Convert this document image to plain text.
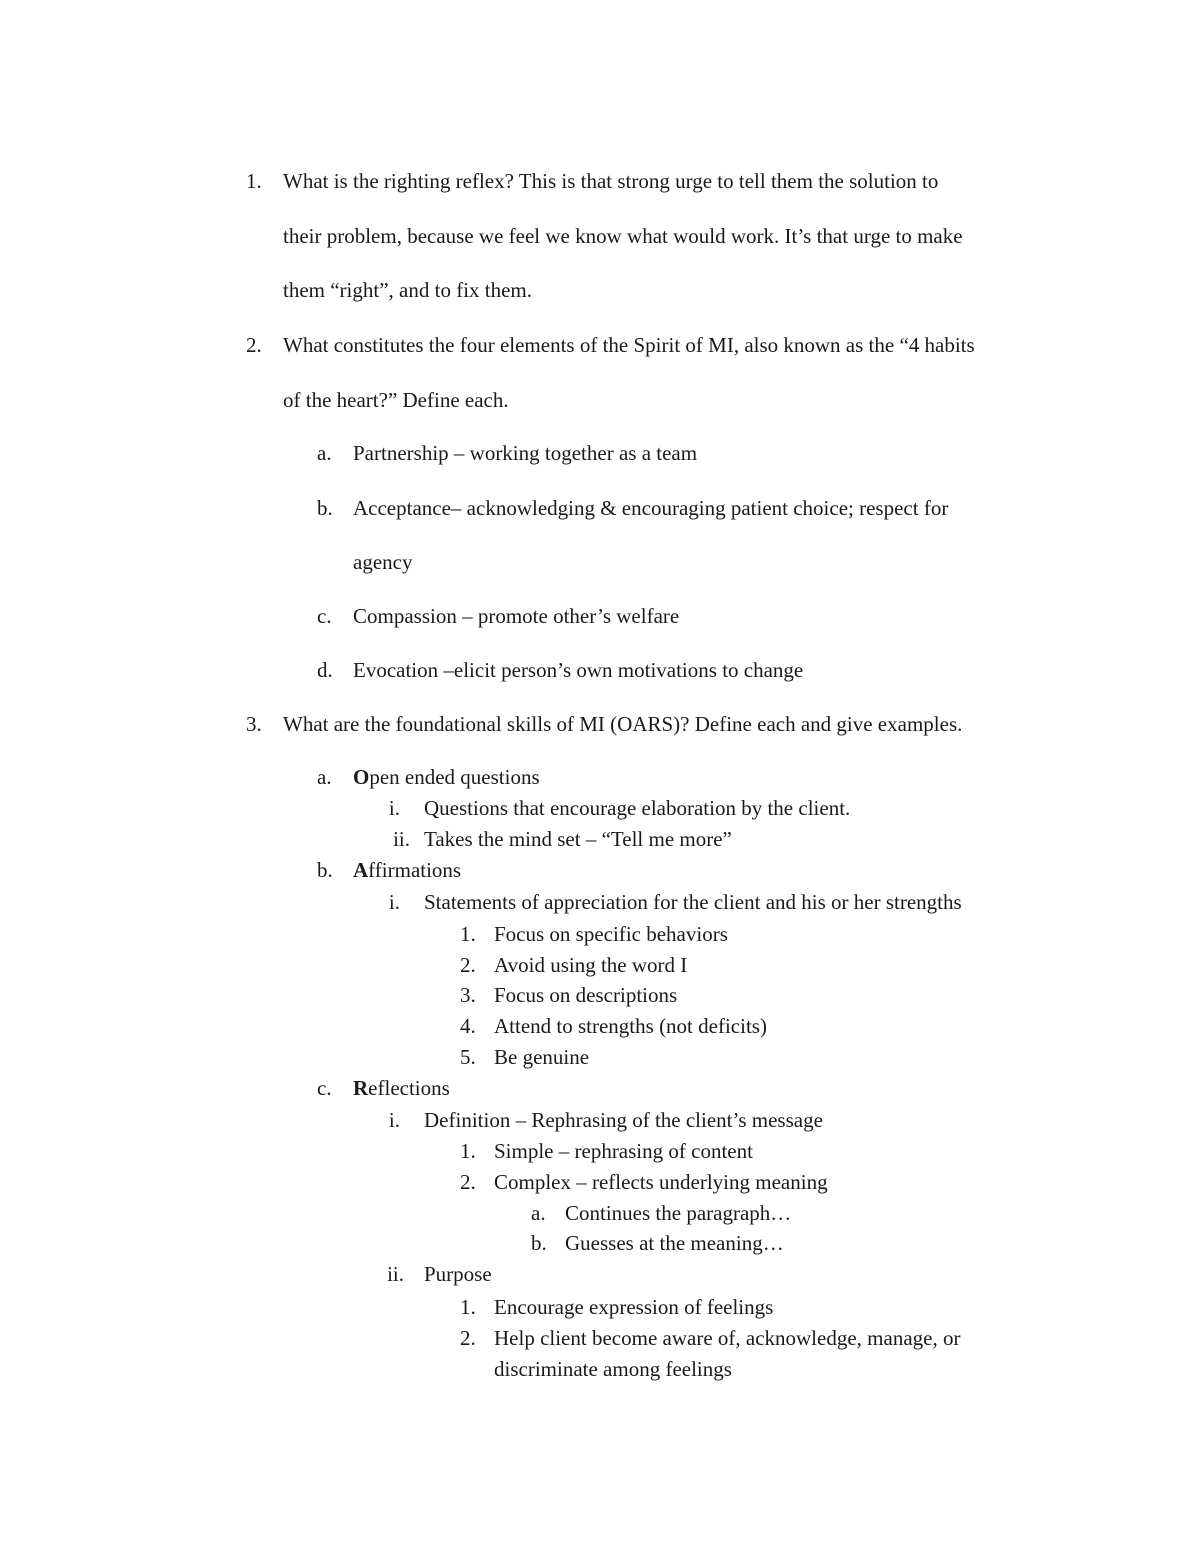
1. What is the righting reflex? This is that strong urge to tell them the solution to
their problem, because we feel we know what would work. It’s that urge to make
them “right”, and to fix them.
2. What constitutes the four elements of the Spirit of MI, also known as the “4 habits
of the heart?” Define each.
a. Partnership – working together as a team
b. Acceptance– acknowledging & encouraging patient choice; respect for
agency
c. Compassion – promote other’s welfare
d. Evocation –elicit person’s own motivations to change
3. What are the foundational skills of MI (OARS)? Define each and give examples.
a. Open ended questions
i. Questions that encourage elaboration by the client.
ii. Takes the mind set – “Tell me more”
b. Affirmations
i. Statements of appreciation for the client and his or her strengths
1. Focus on specific behaviors
2. Avoid using the word I
3. Focus on descriptions
4. Attend to strengths (not deficits)
5. Be genuine
c. Reflections
i. Definition – Rephrasing of the client’s message
1. Simple – rephrasing of content
2. Complex – reflects underlying meaning
a. Continues the paragraph…
b. Guesses at the meaning…
ii. Purpose
1. Encourage expression of feelings
2. Help client become aware of, acknowledge, manage, or
discriminate among feelings
